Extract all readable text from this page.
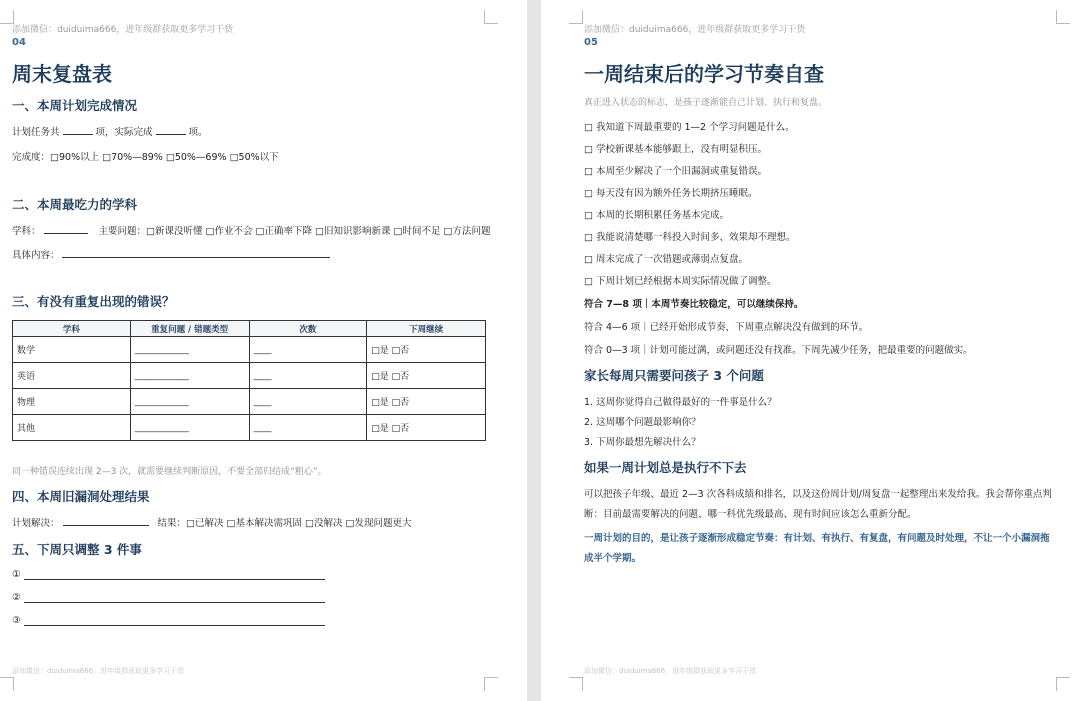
添加微信：duiduima666，进年级群获取更多学习干货
04
周末复盘表
一、本周计划完成情况
计划任务共	项，实际完成	项。
完成度：□90%以上 □70%—89% □50%—69% □50%以下
二、本周最吃力的学科
学科：	主要问题：□新课没听懂 □作业不会 □正确率下降 □旧知识影响新课 □时间不足 □方法问题
具体内容：
三、有没有重复出现的错误？
学科	重复问题 / 错题类型	次数	下周继续
数学	____________	____	□是 □否
英语	____________	____	□是 □否
物理	____________	____	□是 □否
其他	____________	____	□是 □否
同一种错误连续出现 2—3 次，就需要继续判断原因，不要全部归结成“粗心”。
四、本周旧漏洞处理结果
计划解决：	结果：□已解决 □基本解决需巩固 □没解决 □发现问题更大
五、下周只调整 3 件事
①
②
③
添加微信：duiduima666，进年级群获取更多学习干货
添加微信：duiduima666，进年级群获取更多学习干货
05
一周结束后的学习节奏自查
真正进入状态的标志，是孩子逐渐能自己计划、执行和复盘。
□ 我知道下周最重要的 1—2 个学习问题是什么。
□ 学校新课基本能够跟上，没有明显积压。
□ 本周至少解决了一个旧漏洞或重复错误。
□ 每天没有因为额外任务长期挤压睡眠。
□ 本周的长期积累任务基本完成。
□ 我能说清楚哪一科投入时间多、效果却不理想。
□ 周末完成了一次错题或薄弱点复盘。
□ 下周计划已经根据本周实际情况做了调整。
符合 7—8 项｜本周节奏比较稳定，可以继续保持。
符合 4—6 项｜已经开始形成节奏，下周重点解决没有做到的环节。
符合 0—3 项｜计划可能过满，或问题还没有找准。下周先减少任务，把最重要的问题做实。
家长每周只需要问孩子 3 个问题
1. 这周你觉得自己做得最好的一件事是什么？
2. 这周哪个问题最影响你？
3. 下周你最想先解决什么？
如果一周计划总是执行不下去
可以把孩子年级、最近 2—3 次各科成绩和排名，以及这份周计划/周复盘一起整理出来发给我。我会帮你重点判
断：目前最需要解决的问题、哪一科优先级最高、现有时间应该怎么重新分配。
一周计划的目的，是让孩子逐渐形成稳定节奏：有计划、有执行、有复盘，有问题及时处理，不让一个小漏洞拖
成半个学期。
添加微信：duiduima666，进年级群获取更多学习干货
